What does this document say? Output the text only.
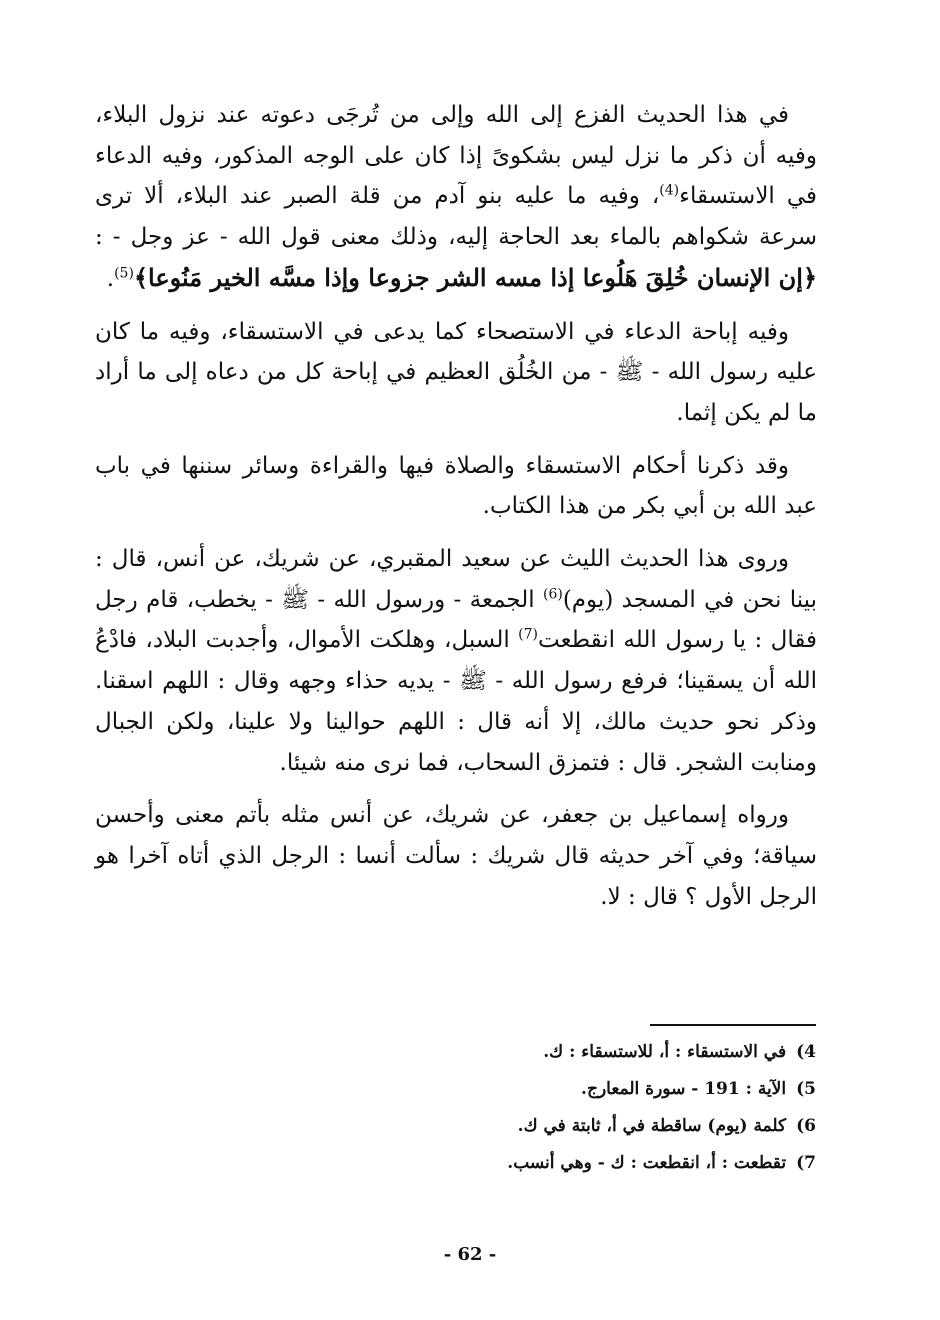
في هذا الحديث الفزع إلى الله وإلى من تُرجَى دعوته عند نزول البلاء، وفيه أن ذكر ما نزل ليس بشكوىً إذا كان على الوجه المذكور، وفيه الدعاء في الاستسقاء$^{(4)}$، وفيه ما عليه بنو آدم من قلة الصبر عند البلاء، ألا ترى سرعة شكواهم بالماء بعد الحاجة إليه، وذلك معنى قول الله - عز وجل - : ﴿إن الإنسان خُلِقَ هَلُوعا إذا مسه الشر جزوعا وإذا مسَّه الخير مَنُوعا﴾$^{(5)}$.

وفيه إباحة الدعاء في الاستصحاء كما يدعى في الاستسقاء، وفيه ما كان عليه رسول الله - ﷺ - من الخُلُق العظيم في إباحة كل من دعاه إلى ما أراد ما لم يكن إثما.

وقد ذكرنا أحكام الاستسقاء والصلاة فيها والقراءة وسائر سننها في باب عبد الله بن أبي بكر من هذا الكتاب.

وروى هذا الحديث الليث عن سعيد المقبري، عن شريك، عن أنس، قال : بينا نحن في المسجد (يوم)$^{(6)}$ الجمعة - ورسول الله - ﷺ - يخطب، قام رجل فقال : يا رسول الله انقطعت$^{(7)}$ السبل، وهلكت الأموال، وأجدبت البلاد، فادْعُ الله أن يسقينا؛ فرفع رسول الله - ﷺ - يديه حذاء وجهه وقال : اللهم اسقنا. وذكر نحو حديث مالك، إلا أنه قال : اللهم حوالينا ولا علينا، ولكن الجبال ومنابت الشجر. قال : فتمزق السحاب، فما نرى منه شيئا.

ورواه إسماعيل بن جعفر، عن شريك، عن أنس مثله بأتم معنى وأحسن سياقة؛ وفي آخر حديثه قال شريك : سألت أنسا : الرجل الذي أتاه آخرا هو الرجل الأول ؟ قال : لا.

4)في الاستسقاء : أ، للاستسقاء : ك.
5)الآية : 191 - سورة المعارج.
6)كلمة (يوم) ساقطة في أ، ثابتة في ك.
7)تقطعت : أ، انقطعت : ك - وهي أنسب.
- 62 -
